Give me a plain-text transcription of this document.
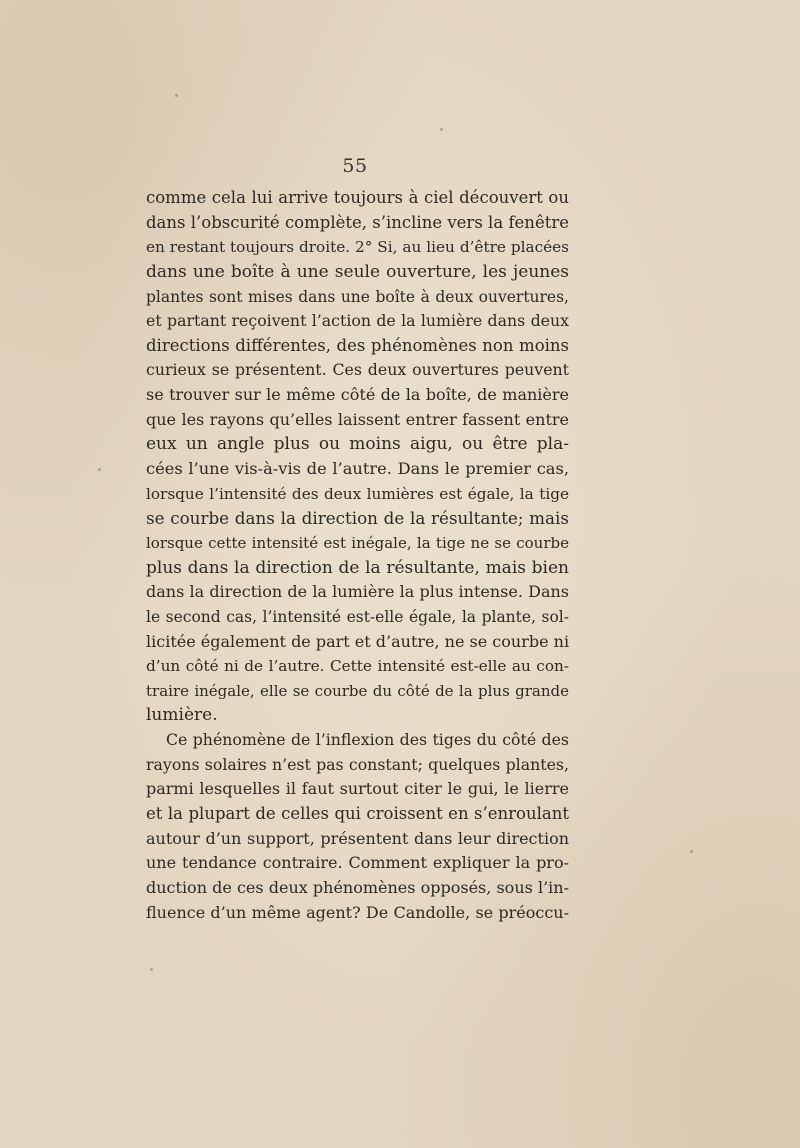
55
comme cela lui arrive toujours à ciel découvert ou
dans l’obscurité complète, s’incline vers la fenêtre
en restant toujours droite. 2° Si, au lieu d’être placées
dans une boîte à une seule ouverture, les jeunes
plantes sont mises dans une boîte à deux ouvertures,
et partant reçoivent l’action de la lumière dans deux
directions différentes, des phénomènes non moins
curieux se présentent. Ces deux ouvertures peuvent
se trouver sur le même côté de la boîte, de manière
que les rayons qu’elles laissent entrer fassent entre
eux un angle plus ou moins aigu, ou être pla-
cées l’une vis-à-vis de l’autre. Dans le premier cas,
lorsque l’intensité des deux lumières est égale, la tige
se courbe dans la direction de la résultante; mais
lorsque cette intensité est inégale, la tige ne se courbe
plus dans la direction de la résultante, mais bien
dans la direction de la lumière la plus intense. Dans
le second cas, l’intensité est-elle égale, la plante, sol-
licitée également de part et d’autre, ne se courbe ni
d’un côté ni de l’autre. Cette intensité est-elle au con-
traire inégale, elle se courbe du côté de la plus grande
lumière.
Ce phénomène de l’inflexion des tiges du côté des
rayons solaires n’est pas constant; quelques plantes,
parmi lesquelles il faut surtout citer le gui, le lierre
et la plupart de celles qui croissent en s’enroulant
autour d’un support, présentent dans leur direction
une tendance contraire. Comment expliquer la pro-
duction de ces deux phénomènes opposés, sous l’in-
fluence d’un même agent? De Candolle, se préoccu-
